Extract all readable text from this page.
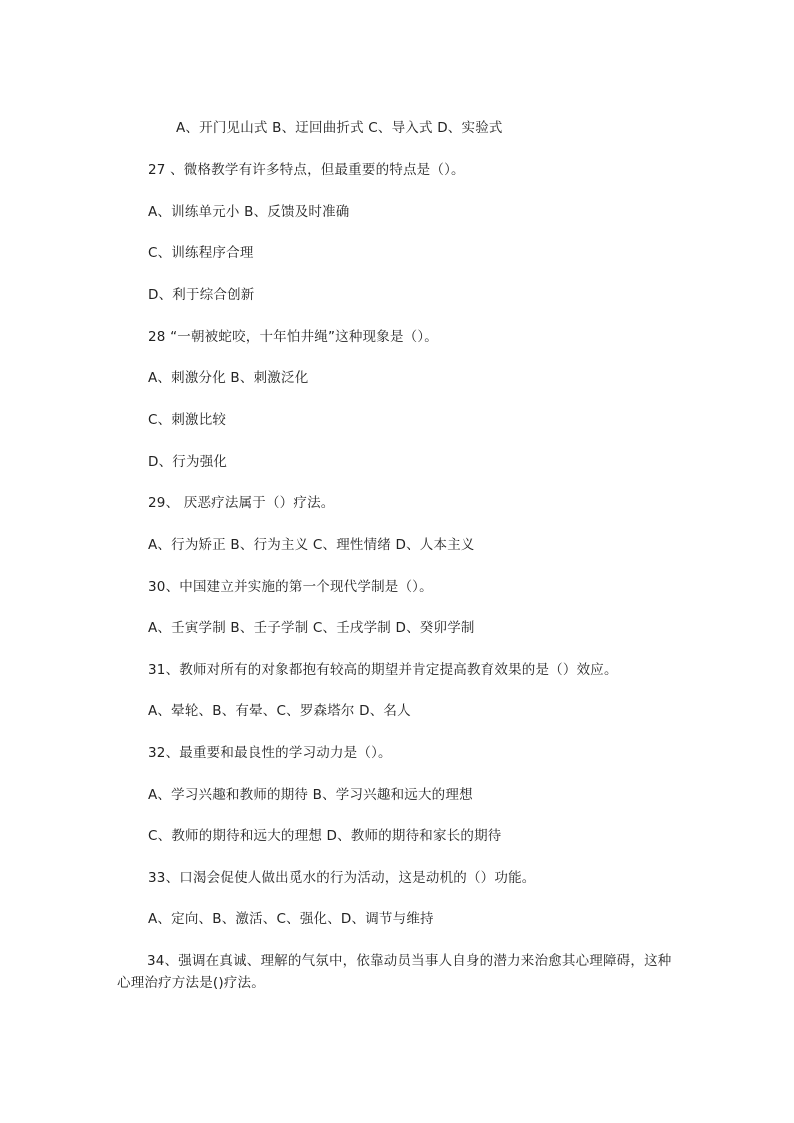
A、开门见山式 B、迂回曲折式 C、导入式 D、实验式
27 、微格教学有许多特点，但最重要的特点是（）。
A、训练单元小 B、反馈及时准确
C、训练程序合理
D、利于综合创新
28 “一朝被蛇咬，十年怕井绳”这种现象是（）。
A、刺激分化 B、刺激泛化
C、刺激比较
D、行为强化
29、 厌恶疗法属于（）疗法。
A、行为矫正 B、行为主义 C、理性情绪 D、人本主义
30、中国建立并实施的第一个现代学制是（）。
A、壬寅学制 B、壬子学制 C、壬戌学制 D、癸卯学制
31、教师对所有的对象都抱有较高的期望并肯定提高教育效果的是（）效应。
A、晕轮、B、有晕、C、罗森塔尔 D、名人
32、最重要和最良性的学习动力是（）。
A、学习兴趣和教师的期待 B、学习兴趣和远大的理想
C、教师的期待和远大的理想 D、教师的期待和家长的期待
33、口渴会促使人做出觅水的行为活动，这是动机的（）功能。
A、定向、B、激活、C、强化、D、调节与维持
34、强调在真诚、理解的气氛中，依靠动员当事人自身的潜力来治愈其心理障碍，这种心理治疗方法是()疗法。
